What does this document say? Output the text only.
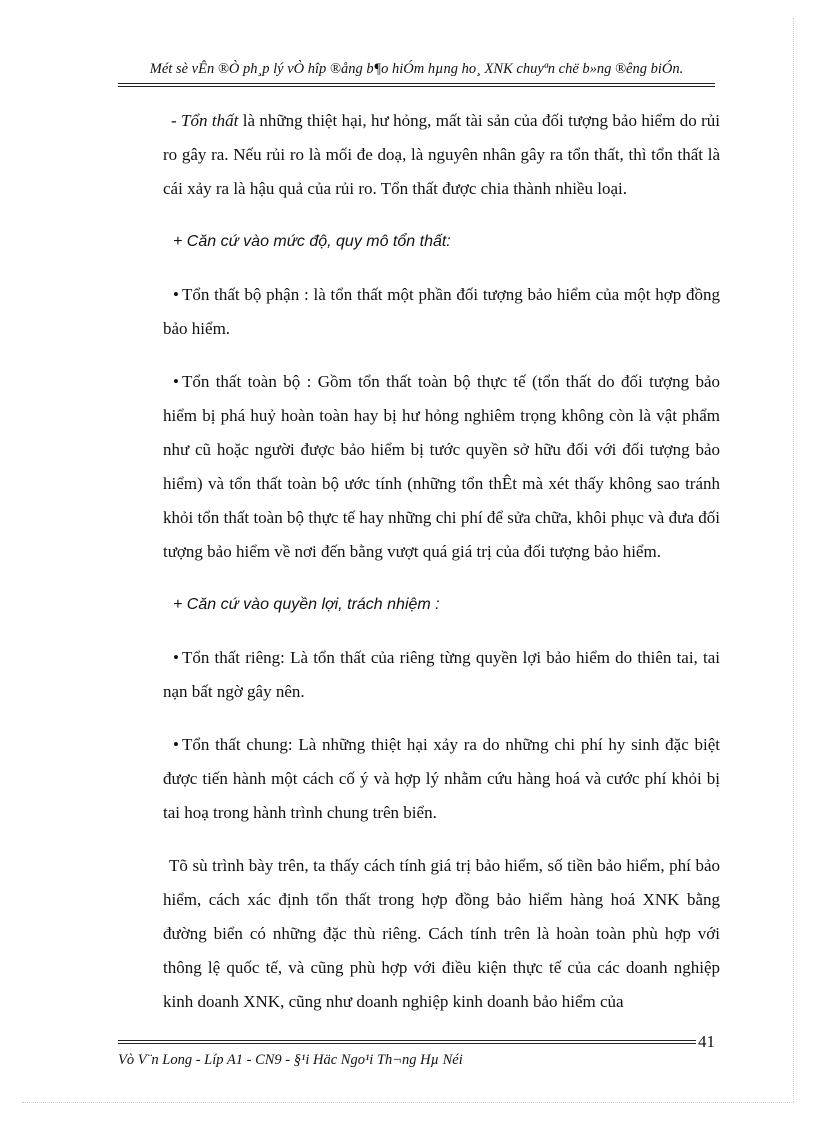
Mét sè vÊn ®Ò ph¸p lý vÒ hîp ®ång b¶o hiÓm hµng ho¸ XNK chuyªn chë b»ng ®êng biÓn.

- Tổn thất là những thiệt hại, hư hỏng, mất tài sản của đối tượng bảo hiểm do rủi ro gây ra. Nếu rủi ro là mối đe doạ, là nguyên nhân gây ra tổn thất, thì tổn thất là cái xảy ra là hậu quả của rủi ro. Tổn thất được chia thành nhiều loại.

+ Căn cứ vào mức độ, quy mô tổn thất:

• Tổn thất bộ phận : là tổn thất một phần đối tượng bảo hiểm của một hợp đồng bảo hiểm.

• Tổn thất toàn bộ : Gồm tổn thất toàn bộ thực tế (tổn thất do đối tượng bảo hiểm bị phá huỷ hoàn toàn hay bị hư hỏng nghiêm trọng không còn là vật phẩm như cũ hoặc người được bảo hiểm bị tước quyền sở hữu đối với đối tượng bảo hiểm) và tổn thất toàn bộ ước tính (những tổn thÊt mà xét thấy không sao tránh khỏi tổn thất toàn bộ thực tế hay những chi phí để sửa chữa, khôi phục và đưa đối tượng bảo hiểm về nơi đến bằng vượt quá giá trị của đối tượng bảo hiểm.

+ Căn cứ vào quyền lợi, trách nhiệm :

• Tổn thất riêng: Là tổn thất của riêng từng quyền lợi bảo hiểm do thiên tai, tai nạn bất ngờ gây nên.

• Tổn thất chung: Là những thiệt hại xảy ra do những chi phí hy sinh đặc biệt được tiến hành một cách cố ý và hợp lý nhằm cứu hàng hoá và cước phí khỏi bị tai hoạ trong hành trình chung trên biển.

Tõ sù trình bày trên, ta thấy cách tính giá trị bảo hiểm, số tiền bảo hiểm, phí bảo hiểm, cách xác định tổn thất trong hợp đồng bảo hiểm hàng hoá XNK bằng đường biển có những đặc thù riêng. Cách tính trên là hoàn toàn phù hợp với thông lệ quốc tế, và cũng phù hợp với điều kiện thực tế của các doanh nghiệp kinh doanh XNK, cũng như doanh nghiệp kinh doanh bảo hiểm của

Vò V¨n Long - Líp A1 - CN9 - §¹i Häc Ngo¹i Th¬ng Hµ Néi
41
